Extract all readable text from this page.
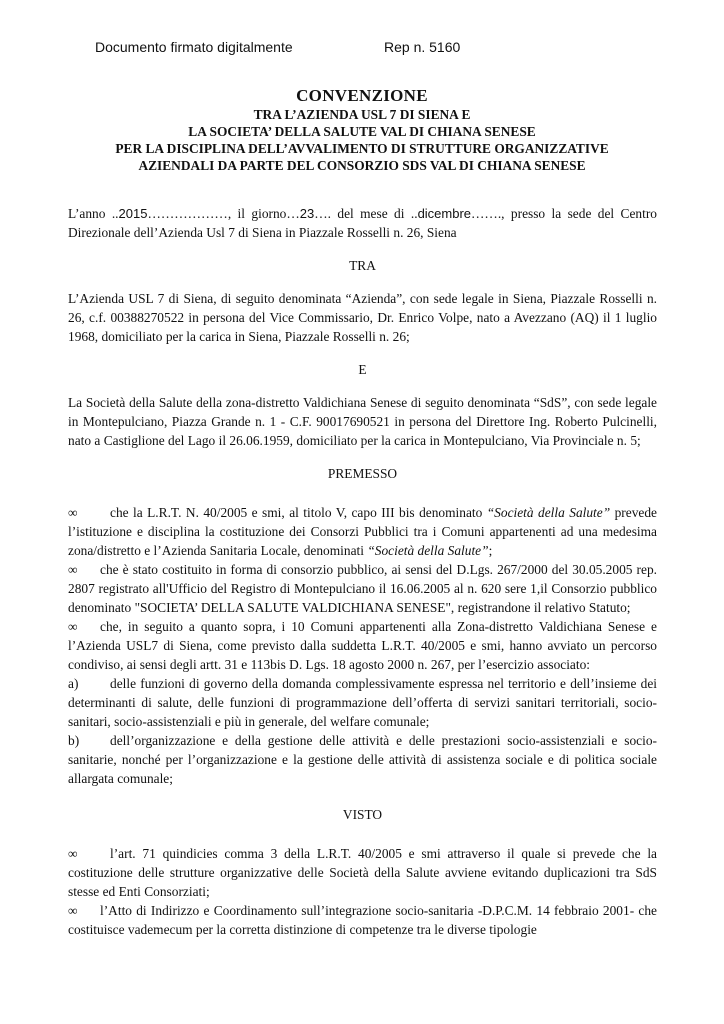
Documento firmato digitalmente	Rep n. 5160
CONVENZIONE
TRA L’AZIENDA USL 7 DI SIENA E
LA SOCIETA’ DELLA SALUTE VAL DI CHIANA SENESE
PER LA DISCIPLINA DELL’AVVALIMENTO DI STRUTTURE ORGANIZZATIVE
AZIENDALI DA PARTE DEL CONSORZIO SDS VAL DI CHIANA SENESE

L’anno ..2015………………, il giorno…23…. del mese di ..dicembre……., presso la sede del Centro Direzionale dell’Azienda Usl 7 di Siena in Piazzale Rosselli n. 26, Siena

TRA

L’Azienda USL 7 di Siena, di seguito denominata “Azienda”, con sede legale in Siena, Piazzale Rosselli n. 26, c.f. 00388270522 in persona del Vice Commissario, Dr. Enrico Volpe, nato a Avezzano (AQ) il 1 luglio 1968, domiciliato per la carica in Siena, Piazzale Rosselli n. 26;

E

La Società della Salute della zona-distretto Valdichiana Senese di seguito denominata “SdS”, con sede legale in Montepulciano, Piazza Grande n. 1 - C.F. 90017690521 in persona del Direttore Ing. Roberto Pulcinelli, nato a Castiglione del Lago il 26.06.1959, domiciliato per la carica in Montepulciano, Via Provinciale n. 5;

PREMESSO

∞ che la L.R.T. N. 40/2005 e smi, al titolo V, capo III bis denominato “Società della Salute” prevede l’istituzione e disciplina la costituzione dei Consorzi Pubblici tra i Comuni appartenenti ad una medesima zona/distretto e l’Azienda Sanitaria Locale, denominati “Società della Salute”;

∞ che è stato costituito in forma di consorzio pubblico, ai sensi del D.Lgs. 267/2000 del 30.05.2005 rep. 2807 registrato all'Ufficio del Registro di Montepulciano il 16.06.2005 al n. 620 sere 1,il Consorzio pubblico denominato "SOCIETA’ DELLA SALUTE VALDICHIANA SENESE", registrandone il relativo Statuto;

∞ che, in seguito a quanto sopra, i 10 Comuni appartenenti alla Zona-distretto Valdichiana Senese e l’Azienda USL7 di Siena, come previsto dalla suddetta L.R.T. 40/2005 e smi, hanno avviato un percorso condiviso, ai sensi degli artt. 31 e 113bis D. Lgs. 18 agosto 2000 n. 267, per l’esercizio associato:

a) delle funzioni di governo della domanda complessivamente espressa nel territorio e dell’insieme dei determinanti di salute, delle funzioni di programmazione dell’offerta di servizi sanitari territoriali, socio-sanitari, socio-assistenziali e più in generale, del welfare comunale;

b) dell’organizzazione e della gestione delle attività e delle prestazioni socio-assistenziali e socio-sanitarie, nonché per l’organizzazione e la gestione delle attività di assistenza sociale e di politica sociale allargata comunale;

VISTO

∞ l’art. 71 quindicies comma 3 della L.R.T. 40/2005 e smi attraverso il quale si prevede che la costituzione delle strutture organizzative delle Società della Salute avviene evitando duplicazioni tra SdS stesse ed Enti Consorziati;

∞ l’Atto di Indirizzo e Coordinamento sull’integrazione socio-sanitaria -D.P.C.M. 14 febbraio 2001- che costituisce vademecum per la corretta distinzione di competenze tra le diverse tipologie
